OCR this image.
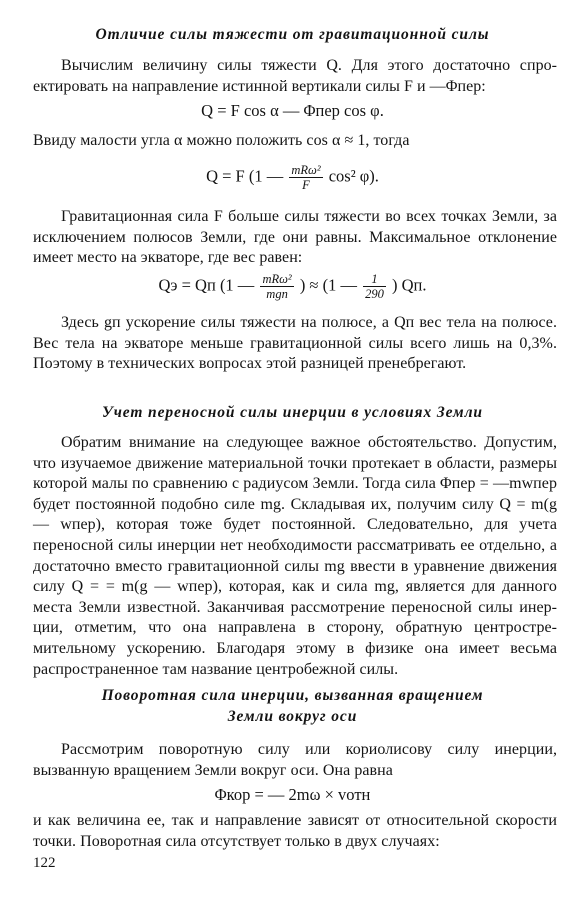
Отличие силы тяжести от гравитационной силы

Вычислим величину силы тяжести Q. Для этого достаточно спроектировать на направление истинной вертикали силы F и —Φпер:

Q = F cos α — Φпер cos φ.

Ввиду малости угла α можно положить cos α ≈ 1, тогда

Q = F (1 — $\frac{\text{mRω²}}{F} \cos^2$ φ).

Гравитационная сила F больше силы тяжести во всех точках Земли, за исключением полюсов Земли, где они равны. Максимальное отклонение имеет место на экваторе, где вес равен:

Qэ = Qп (1 — $\frac{\text{mRω²}}{\text{mgп}}$ ) ≈ (1 — $\frac{1}{290}$ ) Qп.

Здесь gп ускорение силы тяжести на полюсе, а Qп вес тела на полюсе. Вес тела на экваторе меньше гравитационной силы всего лишь на 0,3%. Поэтому в технических вопросах этой разницей пренебрегают.

Учет переносной силы инерции в условиях Земли

Обратим внимание на следующее важное обстоятельство. Допустим, что изучаемое движение материальной точки протекает в области, размеры которой малы по сравнению с радиусом Земли. Тогда сила Φпер = —mwпер будет постоянной подобно силе mg. Складывая их, получим силу Q = m(g — wпер), которая тоже будет постоянной. Следовательно, для учета переносной силы инерции нет необходимости рассматривать ее отдельно, а достаточно вместо гравитационной силы mg ввести в уравнение движения силу Q = = m(g — wпер), которая, как и сила mg, является для данного места Земли известной. Заканчивая рассмотрение переносной силы инерции, отметим, что она направлена в сторону, обратную центростремительному ускорению. Благодаря этому в физике она имеет весьма распространенное там название центробежной силы.

Поворотная сила инерции, вызванная вращением Земли вокруг оси

Рассмотрим поворотную силу или кориолисову силу инерции, вызванную вращением Земли вокруг оси. Она равна

Φкор = — 2mω × vотн

и как величина ее, так и направление зависят от относительной скорости точки. Поворотная сила отсутствует только в двух случаях:

122
